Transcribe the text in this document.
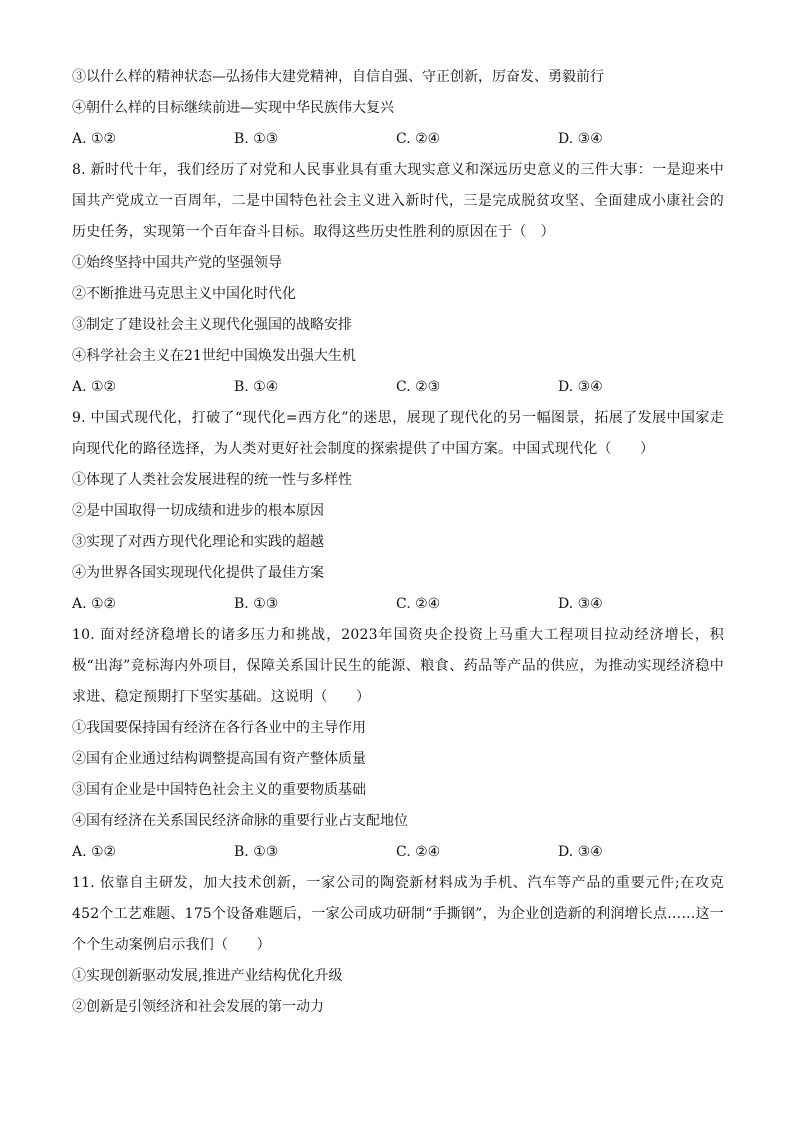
③以什么样的精神状态—弘扬伟大建党精神，自信自强、守正创新，厉奋发、勇毅前行
④朝什么样的目标继续前进—实现中华民族伟大复兴
A. ①②	B. ①③	C. ②④	D. ③④
8. 新时代十年，我们经历了对党和人民事业具有重大现实意义和深远历史意义的三件大事：一是迎来中国共产党成立一百周年，二是中国特色社会主义进入新时代，三是完成脱贫攻坚、全面建成小康社会的历史任务，实现第一个百年奋斗目标。取得这些历史性胜利的原因在于（　）
①始终坚持中国共产党的坚强领导
②不断推进马克思主义中国化时代化
③制定了建设社会主义现代化强国的战略安排
④科学社会主义在21世纪中国焕发出强大生机
A. ①②	B. ①④	C. ②③	D. ③④
9. 中国式现代化，打破了“现代化=西方化”的迷思，展现了现代化的另一幅图景，拓展了发展中国家走向现代化的路径选择，为人类对更好社会制度的探索提供了中国方案。中国式现代化（　　）
①体现了人类社会发展进程的统一性与多样性
②是中国取得一切成绩和进步的根本原因
③实现了对西方现代化理论和实践的超越
④为世界各国实现现代化提供了最佳方案
A. ①②	B. ①③	C. ②④	D. ③④
10. 面对经济稳增长的诸多压力和挑战，2023年国资央企投资上马重大工程项目拉动经济增长，积极“出海”竞标海内外项目，保障关系国计民生的能源、粮食、药品等产品的供应，为推动实现经济稳中求进、稳定预期打下坚实基础。这说明（　　）
①我国要保持国有经济在各行各业中的主导作用
②国有企业通过结构调整提高国有资产整体质量
③国有企业是中国特色社会主义的重要物质基础
④国有经济在关系国民经济命脉的重要行业占支配地位
A. ①②	B. ①③	C. ②④	D. ③④
11. 依靠自主研发，加大技术创新，一家公司的陶瓷新材料成为手机、汽车等产品的重要元件;在攻克452个工艺难题、175个设备难题后，一家公司成功研制“手撕钢”，为企业创造新的利润增长点……这一个个生动案例启示我们（　　）
①实现创新驱动发展,推进产业结构优化升级
②创新是引领经济和社会发展的第一动力
